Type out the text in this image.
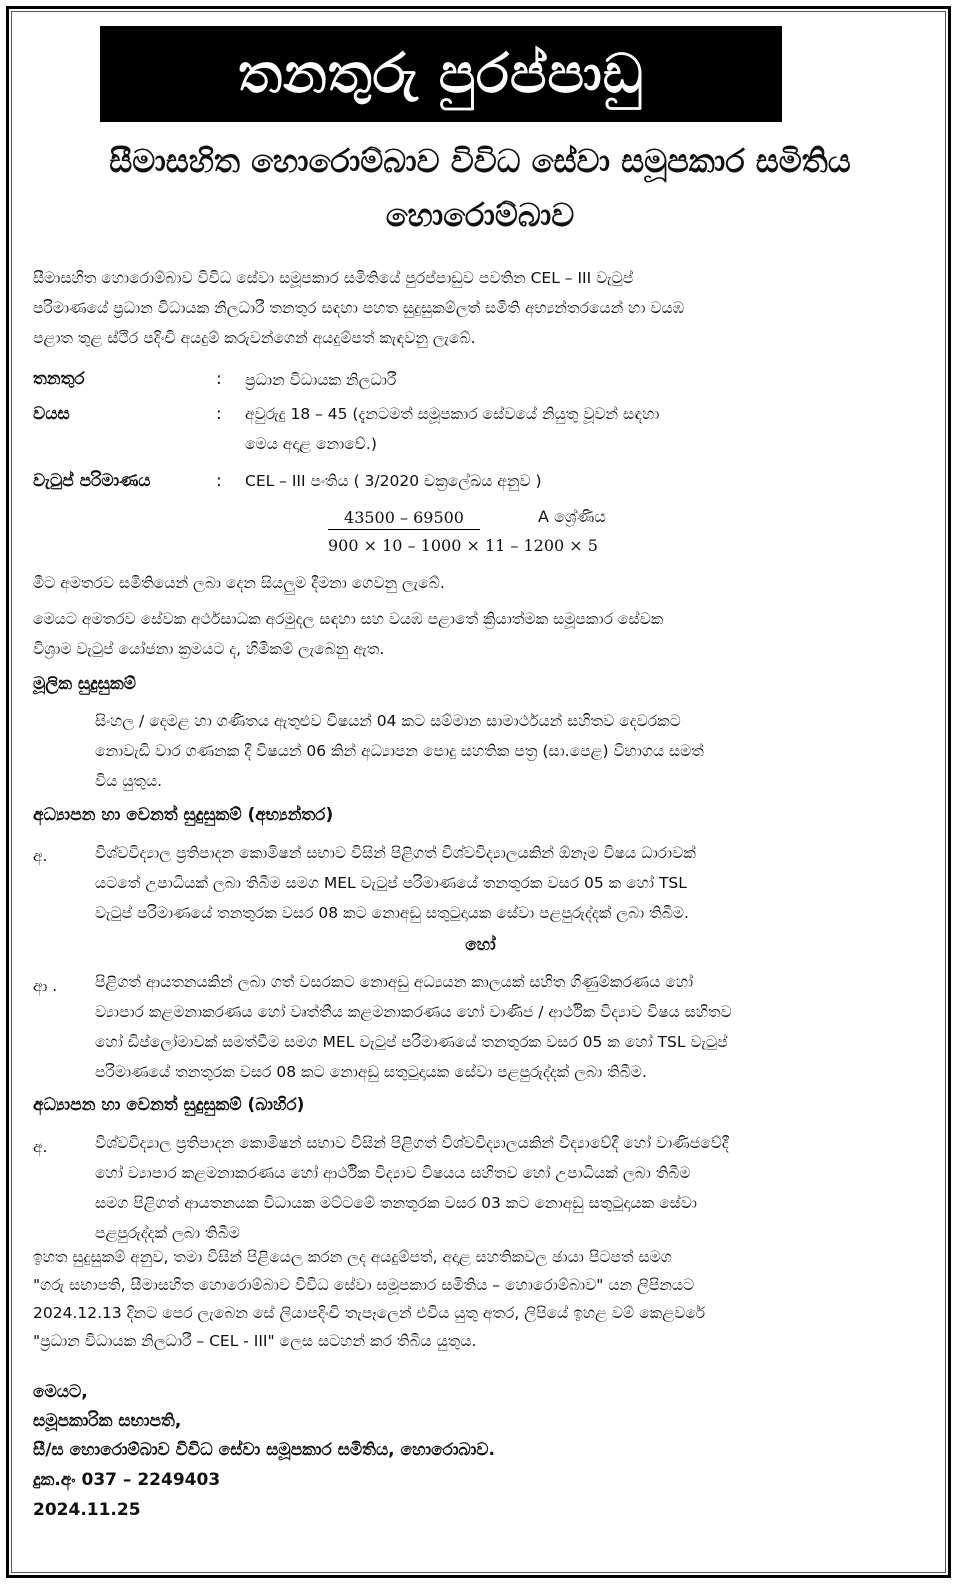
තනතුරු පුරප්පාඩු
සීමාසහිත හොරොම්බාව විවිධ සේවා සමූපකාර සමිතිය
හොරොම්බාව
සීමාසහිත හොරොම්බාව විවිධ සේවා සමූපකාර සමිතියේ පුරප්පාඩුව පවතින CEL – III වැටුප්
පරිමාණයේ ප්‍රධාන විධායක නිලධාරී තනතුර සඳහා පහත සුදුසුකම්ලත් සමිති අභ්‍යන්තරයෙන් හා වයඹ
පළාත තුළ ස්ථිර පදිංචි අයදුම් කරුවන්ගෙන් අයදුම්පත් කැඳවනු ලැබේ.
තනතුර	: ප්‍රධාන විධායක නිලධාරී
වයස	: අවුරුදු 18 – 45 (දැනටමත් සමූපකාර සේවයේ නියුතු වූවන් සඳහා
මෙය අදාළ නොවේ.)
වැටුප් පරිමාණය	: CEL – III පංතිය ( 3/2020 චක්‍රලේඛය අනුව )
43500 – 69500	A ශ්‍රේණිය
900 × 10 – 1000 × 11 – 1200 × 5
මීට අමතරව සමිතියෙන් ලබා දෙන සියලුම දීමනා ගෙවනු ලැබේ.
මෙයට අමතරව සේවක අර්ථසාධක අරමුදල සඳහා සහ වයඹ පළාතේ ක්‍රියාත්මක සමූපකාර සේවක
විශ්‍රාම වැටුප් යෝජනා ක්‍රමයට ද, හිමිකම් ලැබෙනු ඇත.
මූලික සුදුසුකම්
සිංහල / දෙමළ හා ගණිතය ඇතුළුව විෂයන් 04 කට සම්මාන සාමාර්ථයන් සහිතව දෙවරකට
නොවැඩි වාර ගණනක දී විෂයන් 06 කින් අධ්‍යාපන පොදු සහතික පත්‍ර (සා.පෙළ) විභාගය සමත්
විය යුතුය.
අධ්‍යාපන හා වෙනත් සුදුසුකම් (අභ්‍යන්තර)
අ.	විශ්වවිද්‍යාල ප්‍රතිපාදන කොමිෂන් සභාව විසින් පිළිගත් විශ්වවිද්‍යාලයකින් ඕනෑම විෂය ධාරාවක්
යටතේ උපාධියක් ලබා තිබීම සමග MEL වැටුප් පරිමාණයේ තනතුරක වසර 05 ක හෝ TSL
වැටුප් පරිමාණයේ තනතුරක වසර 08 කට නොඅඩු සතුටුදායක සේවා පළපුරුද්දක් ලබා තිබීම.
හෝ
ආ . පිළිගත් ආයතනයකින් ලබා ගත් වසරකට නොඅඩු අධ්‍යයන කාලයක් සහිත ගිණුම්කරණය හෝ
ව්‍යාපාර කළමනාකරණය හෝ වෘත්තීය කළමනාකරණය හෝ වාණිජ / ආර්ථික විද්‍යාව විෂය සහිතව
හෝ ඩිප්ලෝමාවක් සමත්වීම සමග MEL වැටුප් පරිමාණයේ තනතුරක වසර 05 ක හෝ TSL වැටුප්
පරිමාණයේ තනතුරක වසර 08 කට නොඅඩු සතුටුදායක සේවා පළපුරුද්දක් ලබා තිබීම.
අධ්‍යාපන හා වෙනත් සුදුසුකම් (බාහිර)
අ.	විශ්වවිද්‍යාල ප්‍රතිපාදන කොමිෂන් සභාව විසින් පිළිගත් විශ්වවිද්‍යාලයකින් විද්‍යාවේදී හෝ වාණිජවේදී
හෝ ව්‍යාපාර කළමනාකරණය හෝ ආර්ථික විද්‍යාව විෂයය සහිතව හෝ උපාධියක් ලබා තිබීම
සමග පිළිගත් ආයතනයක විධායක මට්ටමේ තනතුරක වසර 03 කට නොඅඩු සතුටුදායක සේවා
පළපුරුද්දක් ලබා තිබීම
ඉහත සුදුසුකම් අනුව, තමා විසින් පිළියෙල කරන ලද අයදුම්පත්, අදාළ සහතිකවල ඡායා පිටපත් සමග
"ගරු සභාපති, සීමාසහිත හොරොම්බාව විවිධ සේවා සමූපකාර සමිතිය – හොරොම්බාව" යන ලිපිනයට
2024.12.13 දිනට පෙර ලැබෙන සේ ලියාපදිංචි තැපෑලෙන් එවිය යුතු අතර, ලිපියේ ඉහළ වම් කෙළවරේ
"ප්‍රධාන විධායක නිලධාරී – CEL - III" ලෙස සටහන් කර තිබිය යුතුය.
මෙයට,
සමූපකාරික සභාපති,
සී/ස හොරොම්බාව විවිධ සේවා සමූපකාර සමිතිය, හොරොබාව.
දුක.අං 037 – 2249403
2024.11.25
